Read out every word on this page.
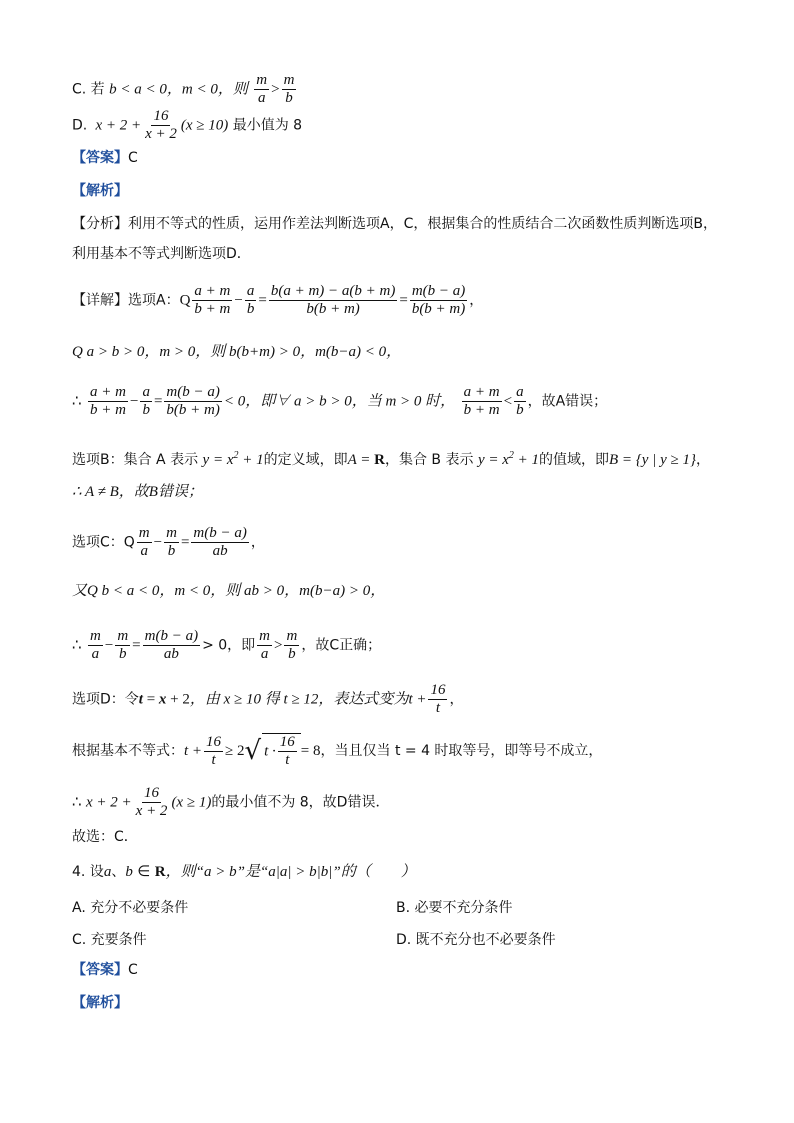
C. 若 b < a < 0，m < 0，则 $\frac{m}{a} > \frac{m}{b}$
D.  $x + 2 + \frac{16}{x + 2} (x \ge 10)$ 最小值为 8
【答案】C
【解析】
【分析】利用不等式的性质，运用作差法判断选项A，C，根据集合的性质结合二次函数性质判断选项B，
利用基本不等式判断选项D．
【详解】选项A：Q $\frac{a + m}{b + m} - \frac{a}{b} = \frac{b(a + m) - a(b + m)}{b(b + m)} = \frac{m(b - a)}{b(b + m)}$ ，
Q a > b > 0，m > 0，则 b(b+m) > 0，m(b−a) < 0，
∴ $\frac{a + m}{b + m} - \frac{a}{b} = \frac{m(b - a)}{b(b + m)} < 0$，即∀ a > b > 0，当 m > 0 时， $\frac{a + m}{b + m} < \frac{a}{b}$ ，故A错误；
选项B：集合 A 表示 $y = x^2 + 1$的定义域，即A = R，集合 B 表示 $y = x^2 + 1$的值域，即B = {y | y ≥ 1}，
∴ A ≠ B，故B错误；
选项C：Q $\frac{m}{a} - \frac{m}{b} = \frac{m(b - a)}{ab}$ ，
又Q b < a < 0，m < 0，则 ab > 0，m(b−a) > 0，
∴ $\frac{m}{a} - \frac{m}{b} = \frac{m(b - a)}{ab} > 0$，即 $\frac{m}{a} > \frac{m}{b}$ ，故C正确；
选项D：令t = x + 2，由 x ≥ 10 得 t ≥ 12，表达式变为$t + \frac{16}{t}$ ，
根据基本不等式：$t + \frac{16}{t} \ge 2√$ $t \cdot \frac{16}{t} = 8$，当且仅当 t = 4 时取等号，即等号不成立，
∴ $x + 2 + \frac{16}{x + 2} (x \ge 1)$的最小值不为 8，故D错误．
故选：C．
4. 设a、b ∈ R，则“a > b”是“a|a| > b|b|”的（　　）
A. 充分不必要条件	B. 必要不充分条件
C. 充要条件	D. 既不充分也不必要条件
【答案】C
【解析】
